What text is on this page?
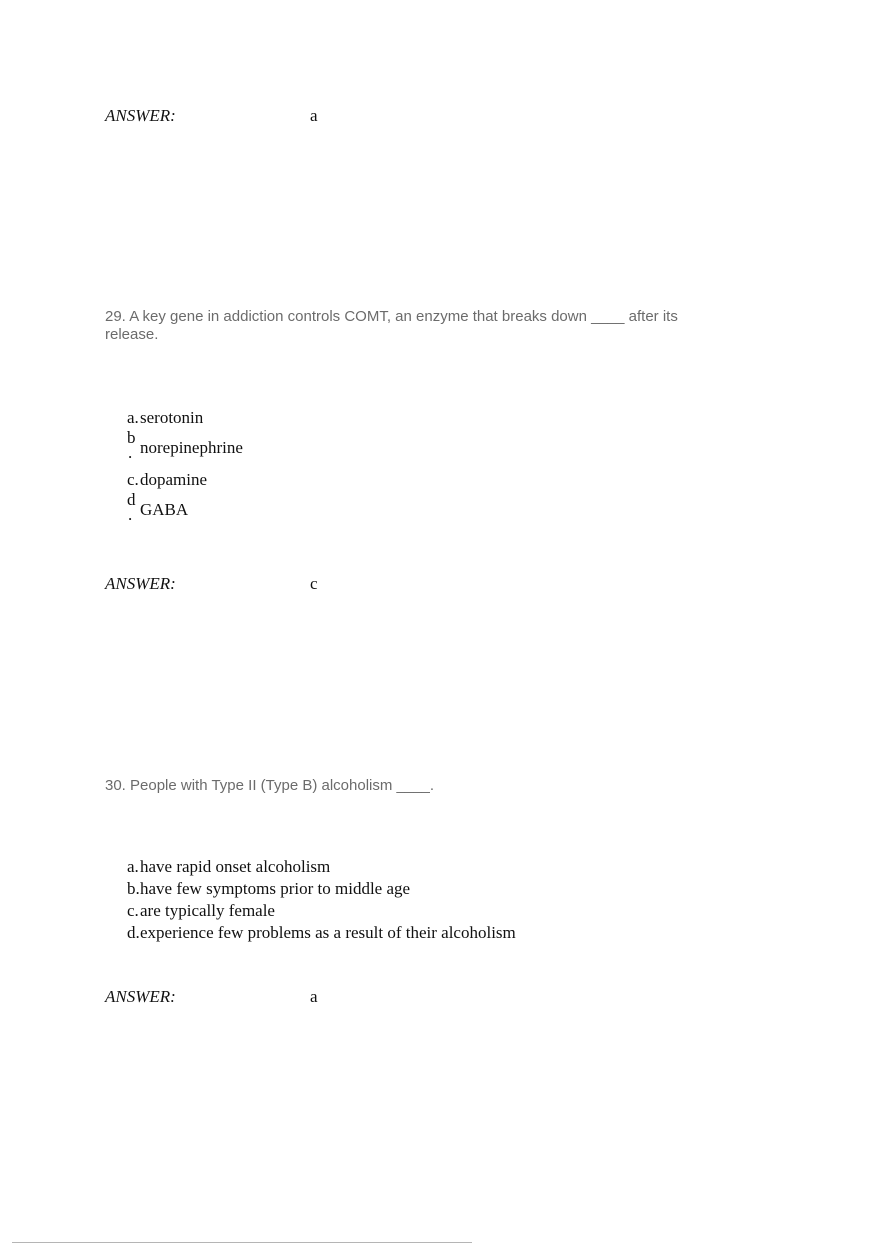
ANSWER:	a
29. A key gene in addiction controls COMT, an enzyme that breaks down ____ after its release.
a. serotonin
b
. norepinephrine
c. dopamine
d
. GABA
ANSWER:	c
30. People with Type II (Type B) alcoholism ____.
a. have rapid onset alcoholism
b. have few symptoms prior to middle age
c. are typically female
d. experience few problems as a result of their alcoholism
ANSWER:	a
